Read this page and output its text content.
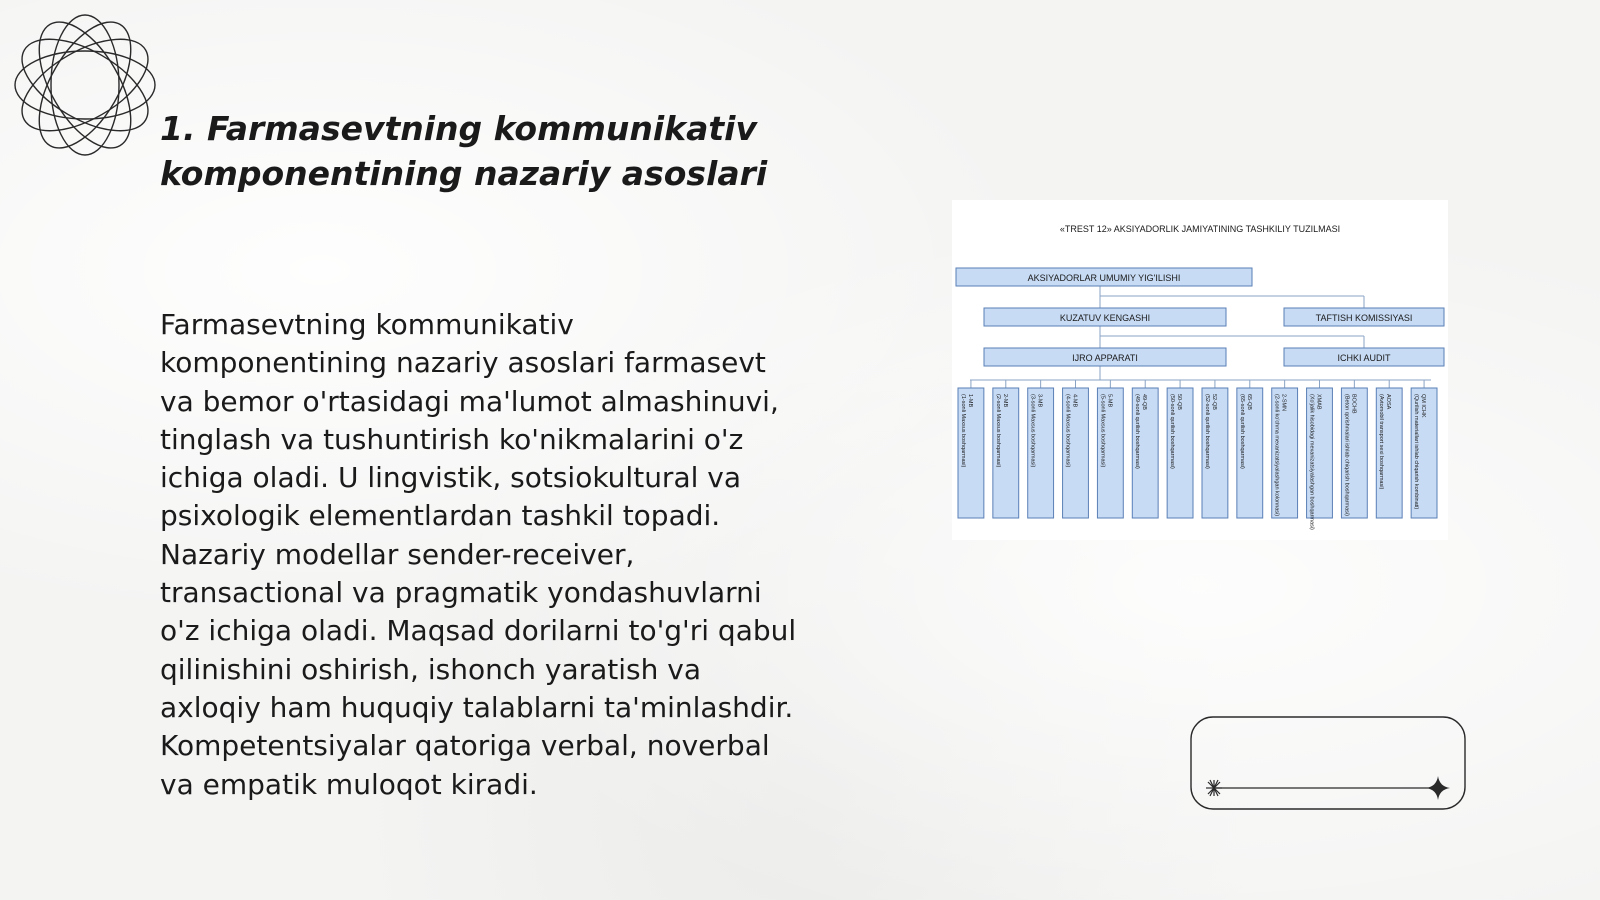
1. Farmasevtning kommunikativ komponentining nazariy asoslari
Farmasevtning kommunikativ
komponentining nazariy asoslari farmasevt
va bemor o'rtasidagi ma'lumot almashinuvi,
tinglash va tushuntirish ko'nikmalarini o'z
ichiga oladi. U lingvistik, sotsiokultural va
psixologik elementlardan tashkil topadi.
Nazariy modellar sender-receiver,
transactional va pragmatik yondashuvlarni
o'z ichiga oladi. Maqsad dorilarni to'g'ri qabul
qilinishini oshirish, ishonch yaratish va
axloqiy ham huquqiy talablarni ta'minlashdir.
Kompetentsiyalar qatoriga verbal, noverbal
va empatik muloqot kiradi.
«TREST 12» AKSIYADORLIK JAMIYATINING TASHKILIY TUZILMASI
AKSIYADORLAR UMUMIY YIG'ILISHI
KUZATUV KENGASHI	TAFTISH KOMISSIYASI
IJRO APPARATI	ICHKI AUDIT
1-MB(1-sonli Maxsus boshqarmasi)	2-MB(2-sonli Maxsus boshqarmasi)	3-MB(3-sonli Maxsus boshqarmasi)	4-MB(4-sonli Maxsus boshqarmasi)	5-MB(5-sonli Maxsus boshqarmasi)	49-QB(49-sonli qurilish boshqarmasi)	50-QB(50-sonli qurilish boshqarmasi)	52-QB(52-sonli qurilish boshqarmasi)	65-QB(65-sonli qurilish boshqarmasi)	2-SMN(2-sonli ko'chma mexanizatsiyalashgan kolonnasi)	XMAB(Xo'jalik hisobidagi mexanizatsiyalashgan boshqarmasi)	BOCHB(Beton qorishmalari ishlab chiqarish boshqarmasi)	AOSA(Avtomobil transport sexi boshqarmasi)	QM ICHK(Qurilish materiallari ishlab chiqarish kombinati)
